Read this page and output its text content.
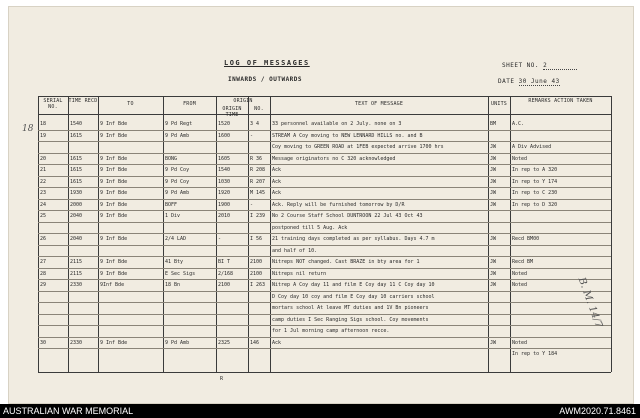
LOG OF MESSAGES
INWARDS / OUTWARDS
SHEET NO. 2
DATE 30 June 43
SERIAL NO.
TIME RECD	TO	FROM	ORIGIN
ORIGIN TIME
NO.
TEXT OF MESSAGE	UNITS	REMARKS ACTION TAKEN
18	1540	9 Inf Bde	9 Pd Regt	1520	3 4	33 personnel available on 2 July. none on 3	BM	A.C.
19	1615	9 Inf Bde	9 Pd Amb	1600	-	STREAM A Coy moving to NEW LENNARD HILLS no. and B
Coy moving to GREEN ROAD at 1FEB expected arrive 1700 hrs	JW	A Div Advised
20	1615	9 Inf Bde	BONG	1605	R 36	Message originators no C 320 acknowledged	JW	Noted
21	1615	9 Inf Bde	9 Pd Coy	1540	R 208	Ack	JW	In rep to A 320
22	1615	9 Inf Bde	9 Pd Coy	1030	R 207	Ack	JW	In rep to Y 174
23	1930	9 Inf Bde	9 Pd Amb	1920	M 145	Ack	JW	In rep to C 230
24	2000	9 Inf Bde	BOFF	1900	-	Ack. Reply will be furnished tomorrow by D/R	JW	In rep to D 320
25	2040	9 Inf Bde	1 Div	2010	I 239	No 2 Course Staff School DUNTROON 22 Jul 43 Oct 43
postponed till 5 Aug. Ack
26	2040	9 Inf Bde	2/4 LAD	-	I 56	21 training days completed as per syllabus. Days 4.7 m	JW	Recd BM00
and half of 10.
27	2115	9 Inf Bde	41 Bty	BI T	2100	Nitreps NOT changed. Cast BRAZE in bty area for 1	JW	Recd BM
28	2115	9 Inf Bde	E Sec Sigs	2/168	2100	Nitreps nil return	JW	Noted
29	2330	9Inf Bde	18 Bn	2100	I 263	Nitrep A Coy day 11 and film E Coy day 11 C Coy day 10	JW	Noted
D Coy day 10 coy and film E Coy day 10 carriers school
mortars school At leave MT duties and 1V Bn pioneers
camp duties I Sec Ranging Sigs school. Coy movements
for 1 Jul morning camp afternoon recce.
30	2330	9 Inf Bde	9 Pd Amb	2325	146	Ack	JW	Noted
In rep to Y 184
18
B. M. 14/7
R
AUSTRALIAN WAR MEMORIAL	AWM2020.71.8461
